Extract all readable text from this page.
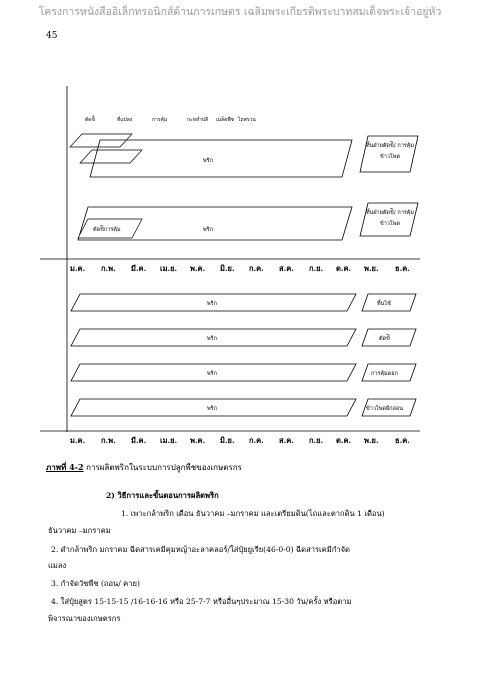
โครงการหนังสืออิเล็กทรอนิกส์ด้านการเกษตร เฉลิมพระเกียรติพระบาทสมเด็จพระเจ้าอยู่หัว
45
ตัดข้ิ	ที่แปลง	การคุ้ม	กะหล่ำปลี เมล็ดพืช ไถพรวน
พริก
ทิ้นฝ่ายตัดข้ิ/ การคุ้มข้าวโพด
ตัดข้ิการคุ้ม	พริก
ทิ้นฝ่ายตัดข้ิ/ การคุ้มข้าวโพด
ม.ค. ก.พ. มี.ค. เม.ย. พ.ค. มิ.ย. ก.ค. ส.ค. ก.ย. ต.ค. พ.ย. ธ.ค.
พริก	ทิ้นไซ้
พริก	ตัดข้ิ
พริก	การคุ้มดอก
พริก	ข้าวโพดฝักอ่อน
ม.ค. ก.พ. มี.ค. เม.ย. พ.ค. มิ.ย. ก.ค. ส.ค. ก.ย. ต.ค. พ.ย. ธ.ค.
ภาพที่ 4-2 การผลิตพริกในระบบการปลูกพืชของเกษตรกร
2) วิธีการและขั้นตอนการผลิตพริก
1. เพาะกล้าพริก เดือน ธันวาคม –มกราคม และเตรียมดิน(ไถและตากดิน 1 เดือน)
ธันวาคม –มกราคม
2. ดำกล้าพริก มกราคม ฉีดสารเคมีคุมหญ้าอะลาคลอร์/ใส่ปุ๋ยยูเรีย(46-0-0) ฉีดสารเคมีกำจัด
แมลง
3. กำจัดวัชพืช (ถอน/ คาย)
4. ใส่ปุ๋ยสูตร 15-15-15 /16-16-16 หรือ 25-7-7 หรืออื่นๆประมาณ 15-30 วัน/ครั้ง หรือตาม
พิจารณาของเกษตรกร
